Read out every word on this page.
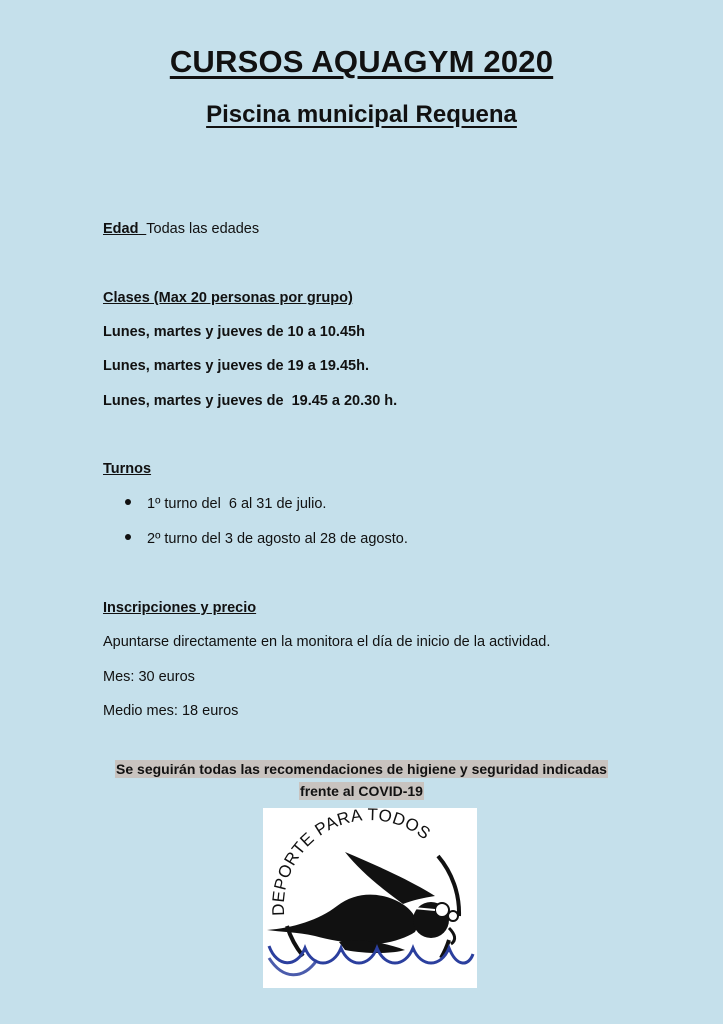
CURSOS AQUAGYM 2020
Piscina municipal Requena
Edad Todas las edades
Clases (Max 20 personas por grupo)
Lunes, martes y jueves de 10 a 10.45h
Lunes, martes y jueves de 19 a 19.45h.
Lunes, martes y jueves de  19.45 a 20.30 h.
Turnos
1º turno del  6 al 31 de julio.
2º turno del 3 de agosto al 28 de agosto.
Inscripciones y precio
Apuntarse directamente en la monitora el día de inicio de la actividad.
Mes: 30 euros
Medio mes: 18 euros
Se seguirán todas las recomendaciones de higiene y seguridad indicadas
frente al COVID-19
DEPORTE PARA TODOS
